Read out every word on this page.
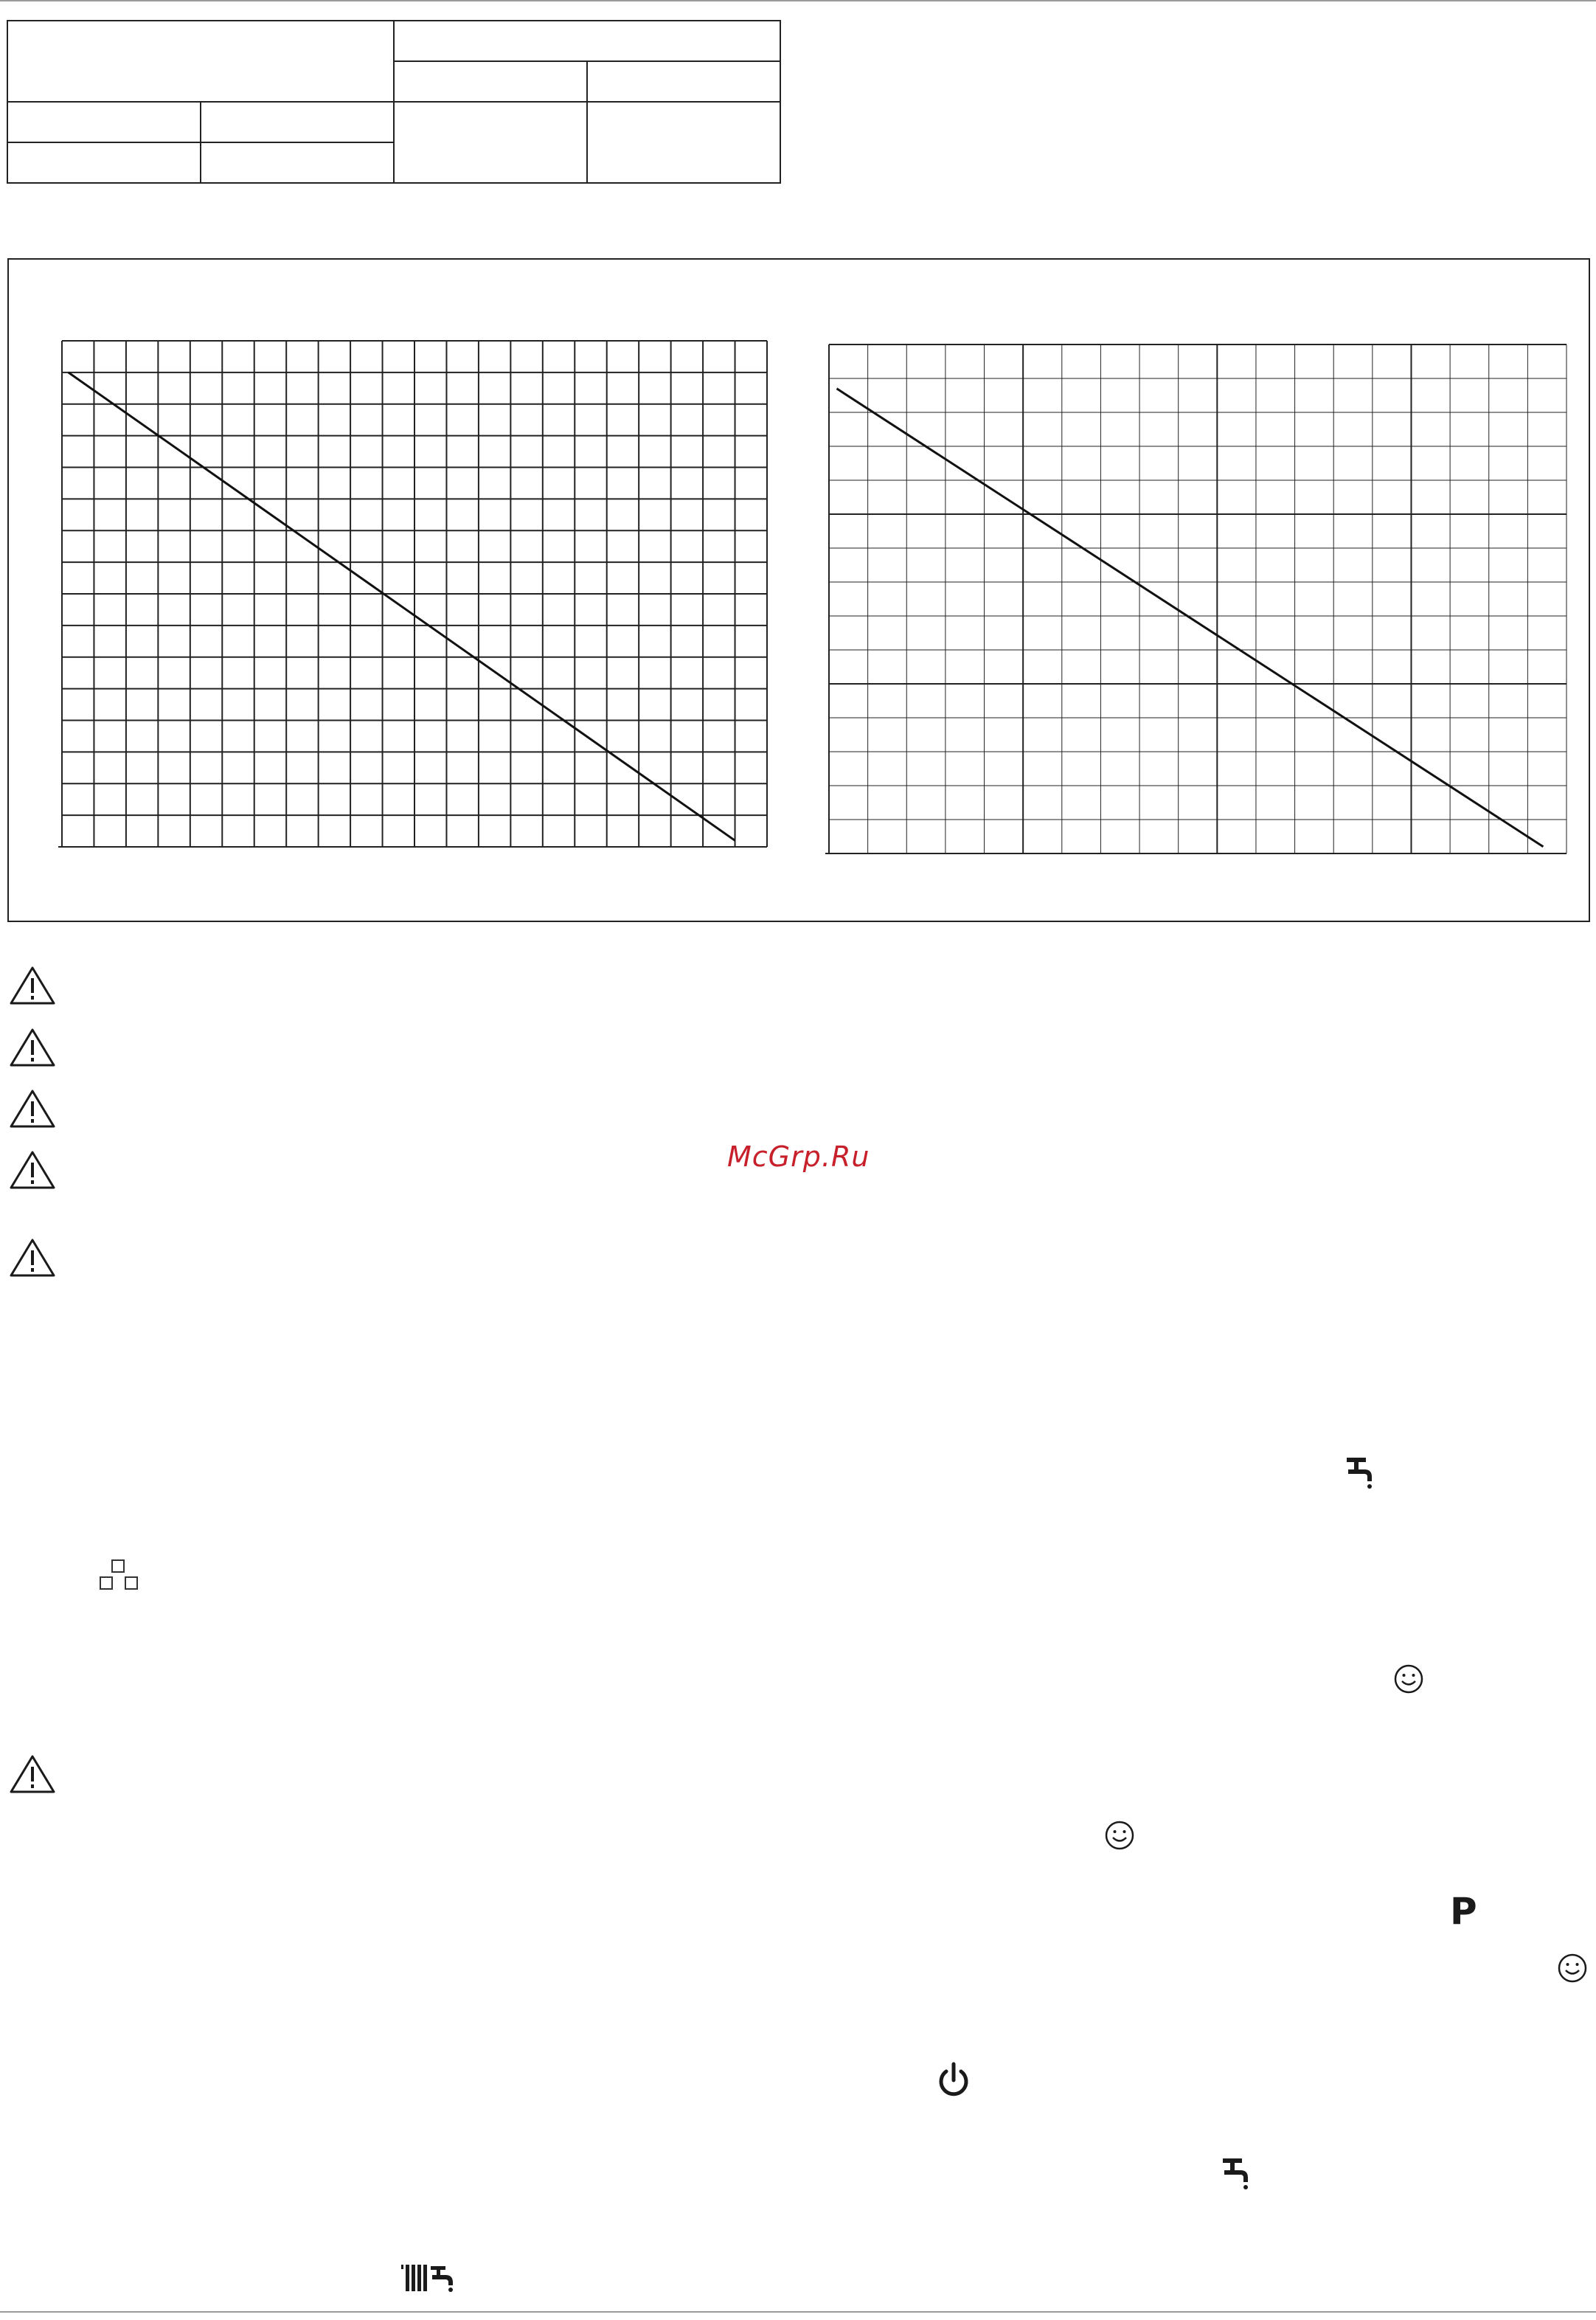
McGrp.Ru
P
